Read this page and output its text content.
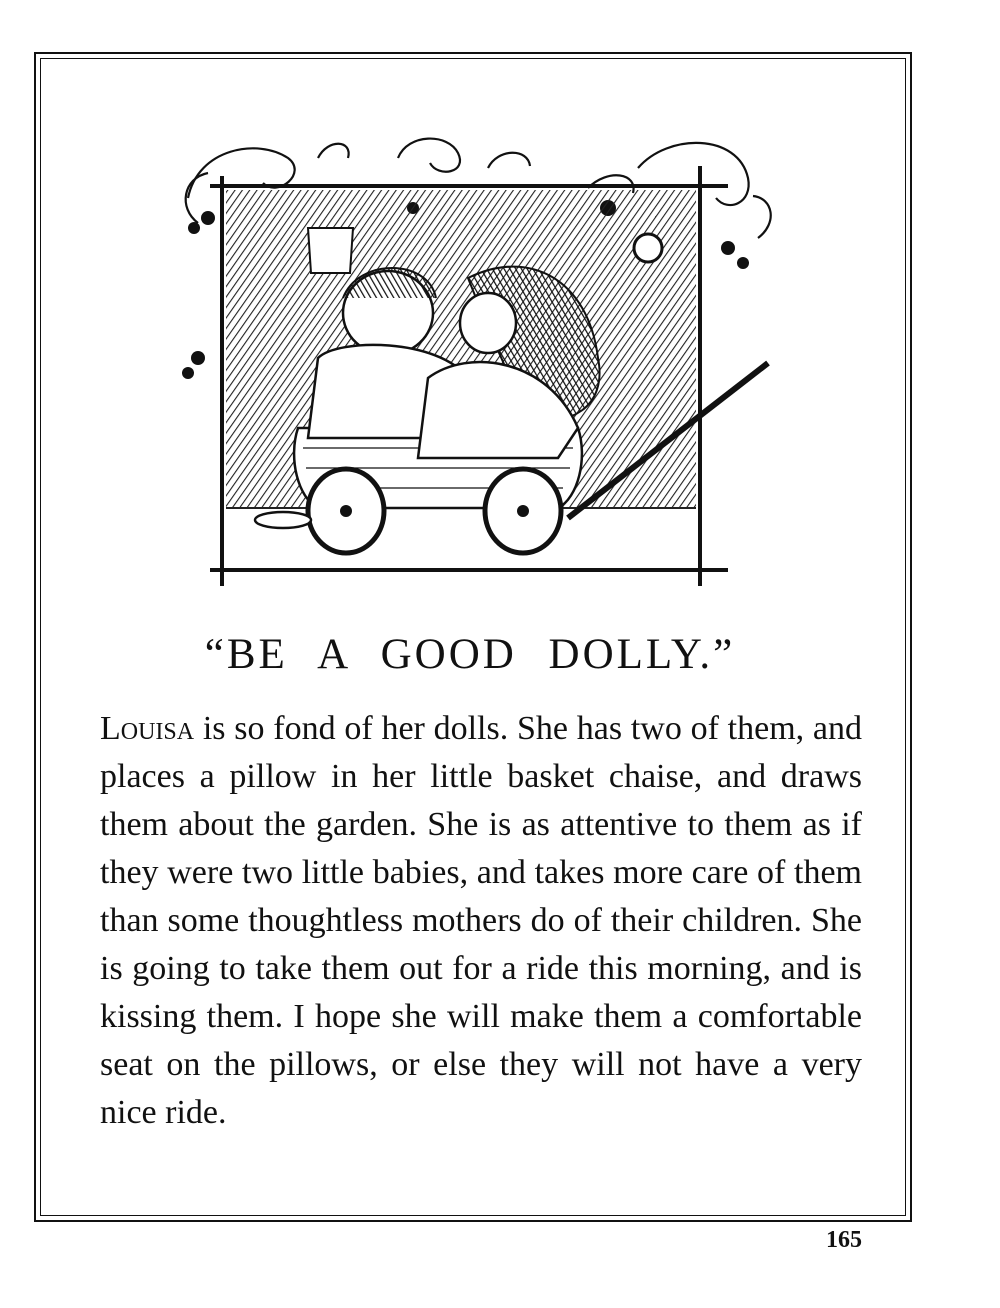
“BE A GOOD DOLLY.”

Louisa is so fond of her dolls. She has two of them, and places a pillow in her little basket chaise, and draws them about the garden. She is as attentive to them as if they were two little babies, and takes more care of them than some thoughtless mothers do of their children. She is going to take them out for a ride this morning, and is kissing them. I hope she will make them a comfortable seat on the pillows, or else they will not have a very nice ride.

165
